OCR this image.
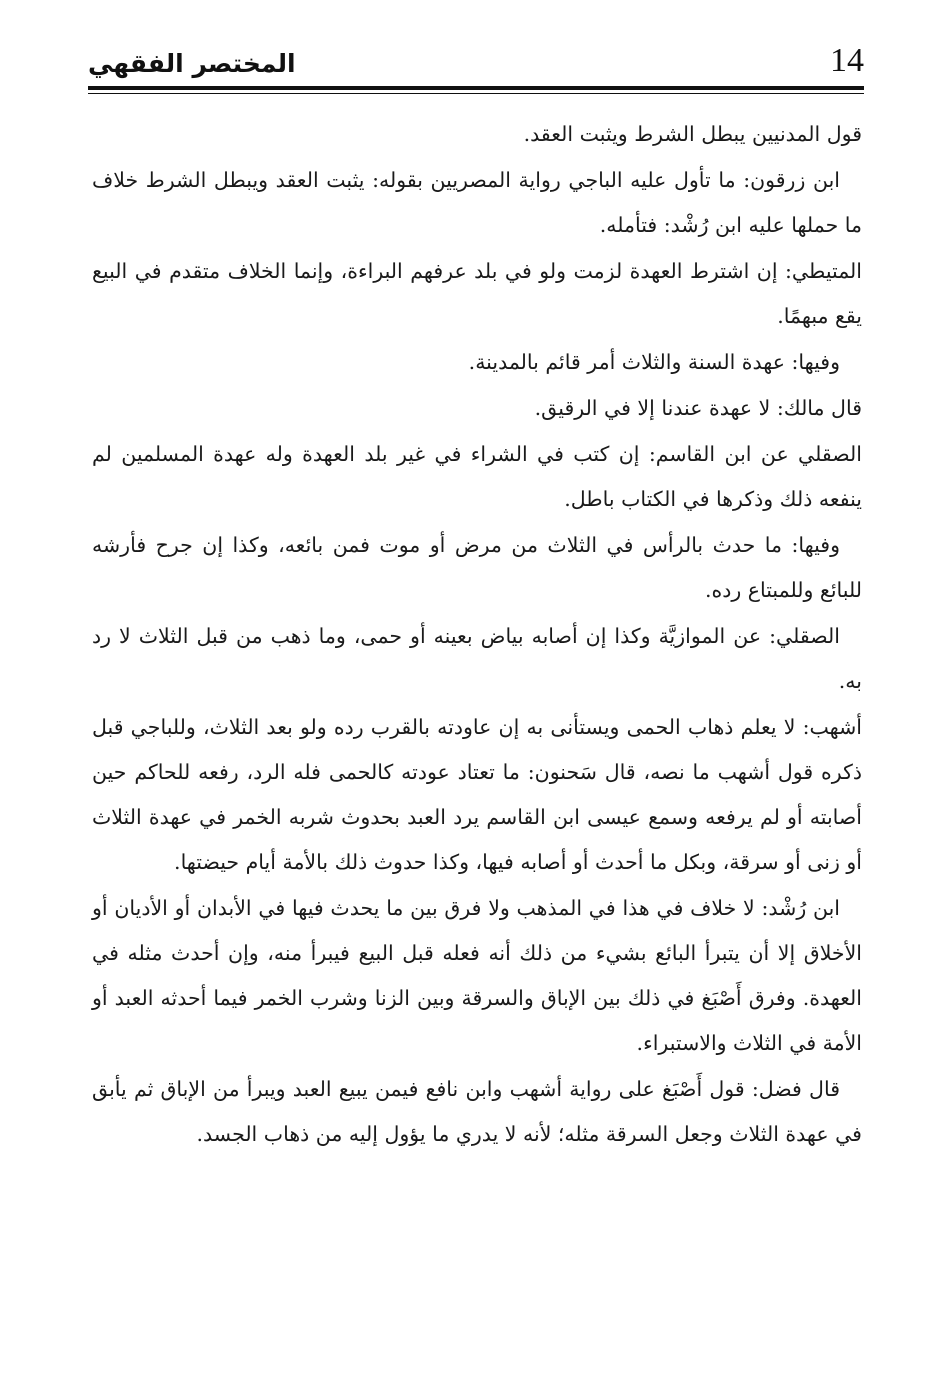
المختصر الفقهي	14

قول المدنيين يبطل الشرط ويثبت العقد.

ابن زرقون: ما تأول عليه الباجي رواية المصريين بقوله: يثبت العقد ويبطل الشرط خلاف ما حملها عليه ابن رُشْد: فتأمله.

المتيطي: إن اشترط العهدة لزمت ولو في بلد عرفهم البراءة، وإنما الخلاف متقدم في البيع يقع مبهمًا.

وفيها: عهدة السنة والثلاث أمر قائم بالمدينة.

قال مالك: لا عهدة عندنا إلا في الرقيق.

الصقلي عن ابن القاسم: إن كتب في الشراء في غير بلد العهدة وله عهدة المسلمين لم ينفعه ذلك وذكرها في الكتاب باطل.

وفيها: ما حدث بالرأس في الثلاث من مرض أو موت فمن بائعه، وكذا إن جرح فأرشه للبائع وللمبتاع رده.

الصقلي: عن الموازيَّة وكذا إن أصابه بياض بعينه أو حمى، وما ذهب من قبل الثلاث لا رد به.

أشهب: لا يعلم ذهاب الحمى ويستأنى به إن عاودته بالقرب رده ولو بعد الثلاث، وللباجي قبل ذكره قول أشهب ما نصه، قال سَحنون: ما تعتاد عودته كالحمى فله الرد، رفعه للحاكم حين أصابته أو لم يرفعه وسمع عيسى ابن القاسم يرد العبد بحدوث شربه الخمر في عهدة الثلاث أو زنى أو سرقة، وبكل ما أحدث أو أصابه فيها، وكذا حدوث ذلك بالأمة أيام حيضتها.

ابن رُشْد: لا خلاف في هذا في المذهب ولا فرق بين ما يحدث فيها في الأبدان أو الأديان أو الأخلاق إلا أن يتبرأ البائع بشيء من ذلك أنه فعله قبل البيع فيبرأ منه، وإن أحدث مثله في العهدة. وفرق أَصْبَغ في ذلك بين الإباق والسرقة وبين الزنا وشرب الخمر فيما أحدثه العبد أو الأمة في الثلاث والاستبراء.

قال فضل: قول أَصْبَغ على رواية أشهب وابن نافع فيمن يبيع العبد ويبرأ من الإباق ثم يأبق في عهدة الثلاث وجعل السرقة مثله؛ لأنه لا يدري ما يؤول إليه من ذهاب الجسد.
